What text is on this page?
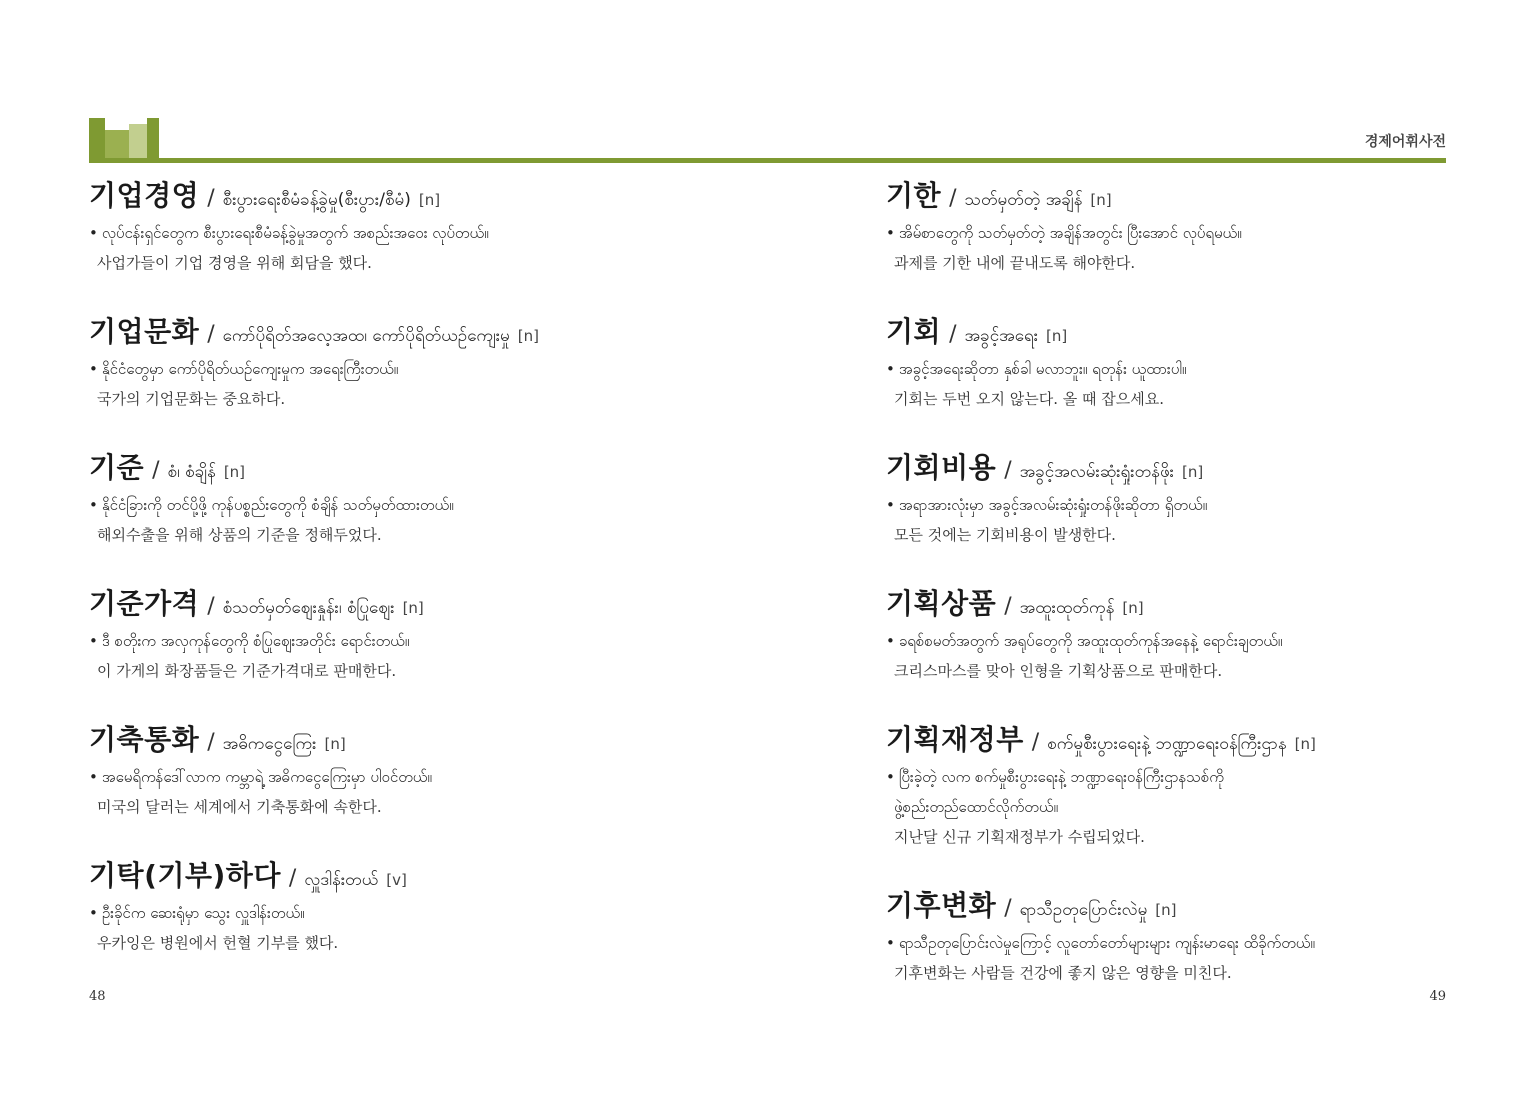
경제어휘사전
기업경영 / စီးပွားရေးစီမံခန့်ခွဲမှု(စီးပွား/စီမံ) [n]
• လုပ်ငန်းရှင်တွေက စီးပွားရေးစီမံခန့်ခွဲမှုအတွက် အစည်းအဝေး လုပ်တယ်။
사업가들이 기업 경영을 위해 회담을 했다.
기업문화 / ကော်ပိုရိတ်အလေ့အထ၊ ကော်ပိုရိတ်ယဉ်ကျေးမှု [n]
• နိုင်ငံတွေမှာ ကော်ပိုရိတ်ယဉ်ကျေးမှုက အရေးကြီးတယ်။
국가의 기업문화는 중요하다.
기준 / စံ၊ စံချိန် [n]
• နိုင်ငံခြားကို တင်ပို့ဖို့ ကုန်ပစ္စည်းတွေကို စံချိန် သတ်မှတ်ထားတယ်။
해외수출을 위해 상품의 기준을 정해두었다.
기준가격 / စံသတ်မှတ်ဈေးနှုန်း၊ စံပြုဈေး [n]
• ဒီ စတိုးက အလှကုန်တွေကို စံပြုဈေးအတိုင်း ရောင်းတယ်။
이 가게의 화장품들은 기준가격대로 판매한다.
기축통화 / အဓိကငွေကြေး [n]
• အမေရိကန်ဒေါ်လာက ကမ္ဘာရဲ့ အဓိကငွေကြေးမှာ ပါဝင်တယ်။
미국의 달러는 세계에서 기축통화에 속한다.
기탁(기부)하다 / လှူဒါန်းတယ် [v]
• ဦးခိုင်က ဆေးရုံမှာ သွေး လှူဒါန်းတယ်။
우카잉은 병원에서 헌혈 기부를 했다.
기한 / သတ်မှတ်တဲ့ အချိန် [n]
• အိမ်စာတွေကို သတ်မှတ်တဲ့ အချိန်အတွင်း ပြီးအောင် လုပ်ရမယ်။
과제를 기한 내에 끝내도록 해야한다.
기회 / အခွင့်အရေး [n]
• အခွင့်အရေးဆိုတာ နှစ်ခါ မလာဘူး။ ရတုန်း ယူထားပါ။
기회는 두번 오지 않는다. 올 때 잡으세요.
기회비용 / အခွင့်အလမ်းဆုံးရှုံးတန်ဖိုး [n]
• အရာအားလုံးမှာ အခွင့်အလမ်းဆုံးရှုံးတန်ဖိုးဆိုတာ ရှိတယ်။
모든 것에는 기회비용이 발생한다.
기획상품 / အထူးထုတ်ကုန် [n]
• ခရစ်စမတ်အတွက် အရုပ်တွေကို အထူးထုတ်ကုန်အနေနဲ့ ရောင်းချတယ်။
크리스마스를 맞아 인형을 기획상품으로 판매한다.
기획재정부 / စက်မှုစီးပွားရေးနဲ့ ဘဏ္ဍာရေးဝန်ကြီးဌာန [n]
• ပြီးခဲ့တဲ့ လက စက်မှုစီးပွားရေးနဲ့ ဘဏ္ဍာရေးဝန်ကြီးဌာနသစ်ကို
ဖွဲ့စည်းတည်ထောင်လိုက်တယ်။
지난달 신규 기획재정부가 수립되었다.
기후변화 / ရာသီဥတုပြောင်းလဲမှု [n]
• ရာသီဥတုပြောင်းလဲမှုကြောင့် လူတော်တော်များများ ကျန်းမာရေး ထိခိုက်တယ်။
기후변화는 사람들 건강에 좋지 않은 영향을 미친다.
48	49
